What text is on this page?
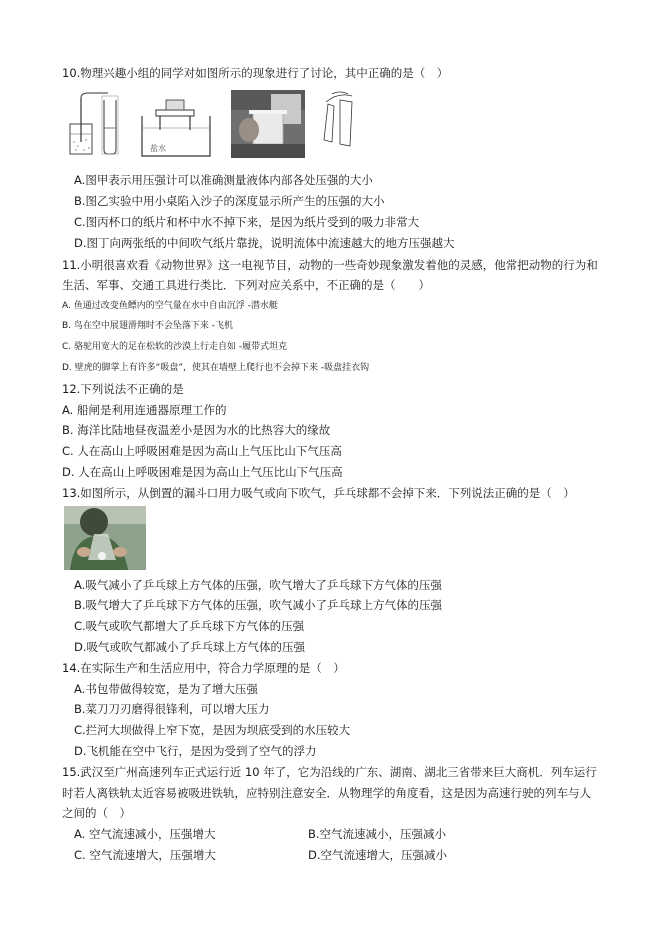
10.物理兴趣小组的同学对如图所示的现象进行了讨论，其中正确的是（　）
盐水
A.图甲表示用压强计可以准确测量液体内部各处压强的大小
B.图乙实验中用小桌陷入沙子的深度显示所产生的压强的大小
C.图丙杯口的纸片和杯中水不掉下来，是因为纸片受到的吸力非常大
D.图丁向两张纸的中间吹气纸片靠拢，说明流体中流速越大的地方压强越大
11.小明很喜欢看《动物世界》这一电视节目，动物的一些奇妙现象激发着他的灵感，他常把动物的行为和
生活、军事、交通工具进行类比．下列对应关系中，不正确的是（　　）
A. 鱼通过改变鱼鳔内的空气量在水中自由沉浮 -潜水艇
B. 鸟在空中展翅滑翔时不会坠落下来 -飞机
C. 骆驼用宽大的足在松软的沙漠上行走自如 -履带式坦克
D. 壁虎的脚掌上有许多“吸盘”，使其在墙壁上爬行也不会掉下来 -吸盘挂衣钩
12.下列说法不正确的是
A. 船闸是利用连通器原理工作的
B. 海洋比陆地昼夜温差小是因为水的比热容大的缘故
C. 人在高山上呼吸困难是因为高山上气压比山下气压高
D. 人在高山上呼吸困难是因为高山上气压比山下气压高
13.如图所示，从倒置的漏斗口用力吸气或向下吹气，乒乓球都不会掉下来．下列说法正确的是（　）
A.吸气减小了乒乓球上方气体的压强，吹气增大了乒乓球下方气体的压强
B.吸气增大了乒乓球下方气体的压强，吹气减小了乒乓球上方气体的压强
C.吸气或吹气都增大了乒乓球下方气体的压强
D.吸气或吹气都减小了乒乓球上方气体的压强
14.在实际生产和生活应用中，符合力学原理的是（　）
A.书包带做得较宽，是为了增大压强
B.菜刀刀刃磨得很锋利，可以增大压力
C.拦河大坝做得上窄下宽，是因为坝底受到的水压较大
D.飞机能在空中飞行，是因为受到了空气的浮力
15.武汉至广州高速列车正式运行近 10 年了，它为沿线的广东、湖南、湖北三省带来巨大商机．列车运行
时若人离铁轨太近容易被吸进铁轨，应特别注意安全．从物理学的角度看，这是因为高速行驶的列车与人
之间的（　）
A. 空气流速减小，压强增大	B.空气流速减小，压强减小
C. 空气流速增大，压强增大	D.空气流速增大，压强减小
